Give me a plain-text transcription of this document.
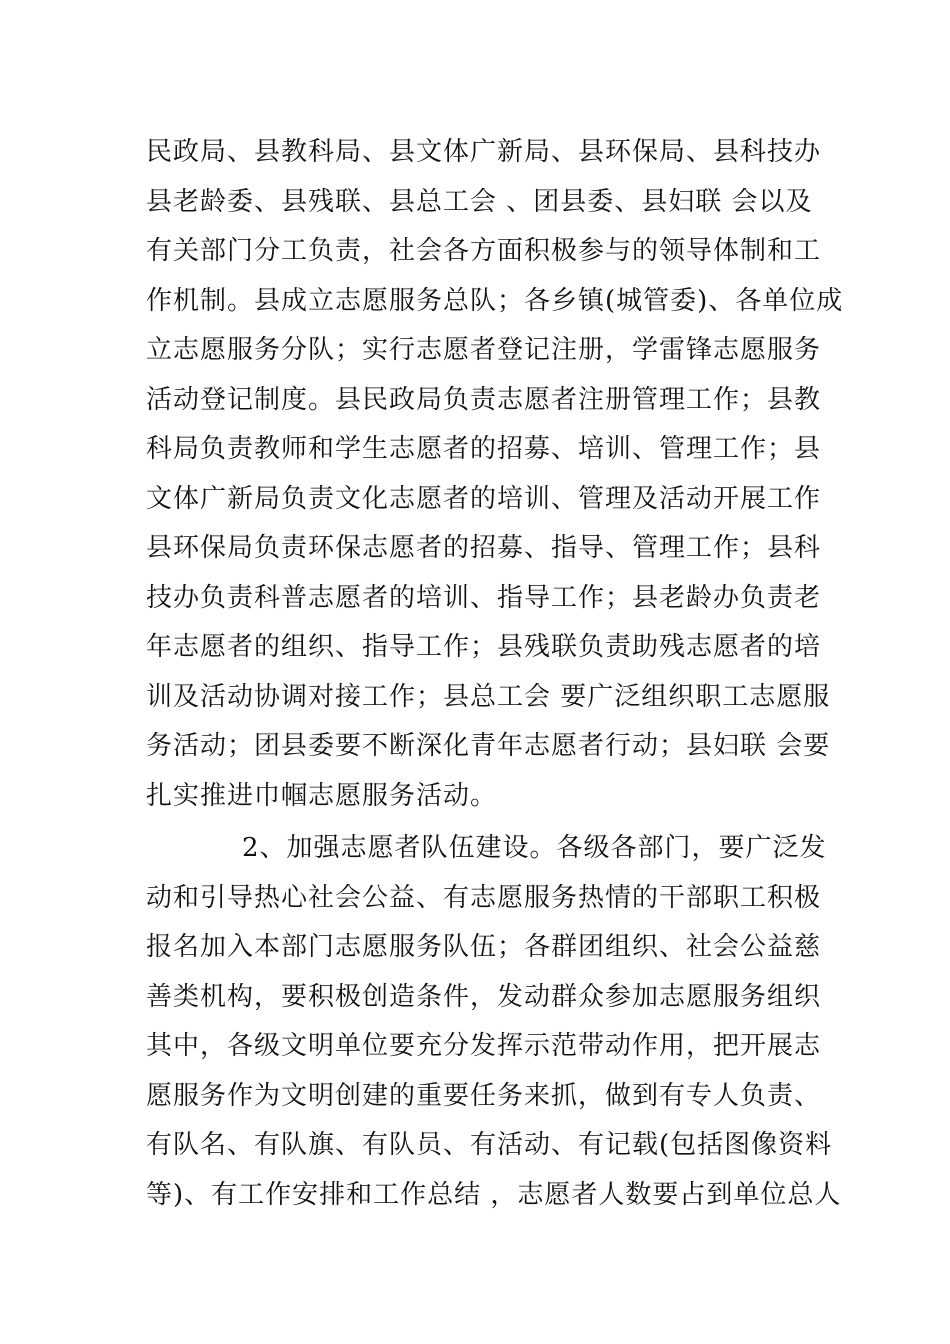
民政局、县教科局、县文体广新局、县环保局、县科技办
县老龄委、县残联、县总工会 、团县委、县妇联 会以及
有关部门分工负责，社会各方面积极参与的领导体制和工
作机制。县成立志愿服务总队；各乡镇(城管委)、各单位成
立志愿服务分队；实行志愿者登记注册，学雷锋志愿服务
活动登记制度。县民政局负责志愿者注册管理工作；县教
科局负责教师和学生志愿者的招募、培训、管理工作；县
文体广新局负责文化志愿者的培训、管理及活动开展工作
县环保局负责环保志愿者的招募、指导、管理工作；县科
技办负责科普志愿者的培训、指导工作；县老龄办负责老
年志愿者的组织、指导工作；县残联负责助残志愿者的培
训及活动协调对接工作；县总工会 要广泛组织职工志愿服
务活动；团县委要不断深化青年志愿者行动；县妇联 会要
扎实推进巾帼志愿服务活动。
2、加强志愿者队伍建设。各级各部门，要广泛发
动和引导热心社会公益、有志愿服务热情的干部职工积极
报名加入本部门志愿服务队伍；各群团组织、社会公益慈
善类机构，要积极创造条件，发动群众参加志愿服务组织
其中，各级文明单位要充分发挥示范带动作用，把开展志
愿服务作为文明创建的重要任务来抓，做到有专人负责、
有队名、有队旗、有队员、有活动、有记载(包括图像资料
等)、有工作安排和工作总结 ，志愿者人数要占到单位总人
